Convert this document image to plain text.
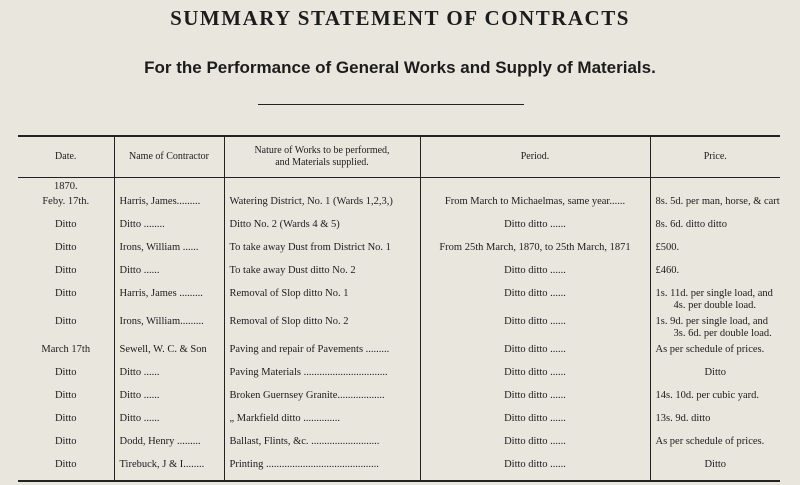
SUMMARY STATEMENT OF CONTRACTS
For the Performance of General Works and Supply of Materials.
Date.	Name of Contractor	Nature of Works to be performed,
and Materials supplied.	Period.	Price.
1870.				
Feby. 17th.	Harris, James.........	Watering District, No. 1 (Wards 1,2,3,)	From March to Michaelmas, same year......	8s. 5d. per man, horse, & cart

Ditto	Ditto ........	Ditto No. 2 (Wards 4 & 5)	Ditto ditto ......	8s. 6d. ditto ditto

Ditto	Irons, William ......	To take away Dust from District No. 1	From 25th March, 1870, to 25th March, 1871	£500.

Ditto	Ditto ......	To take away Dust ditto No. 2	Ditto ditto ......	£460.

Ditto	Harris, James .........	Removal of Slop ditto No. 1	Ditto ditto ......	1s. 11d. per single load, and
4s. per double load.

Ditto	Irons, William.........	Removal of Slop ditto No. 2	Ditto ditto ......	1s. 9d. per single load, and
3s. 6d. per double load.

March 17th	Sewell, W. C. & Son	Paving and repair of Pavements .........	Ditto ditto ......	As per schedule of prices.

Ditto	Ditto ......	Paving Materials ................................	Ditto ditto ......	Ditto

Ditto	Ditto ......	Broken Guernsey Granite..................	Ditto ditto ......	14s. 10d. per cubic yard.

Ditto	Ditto ......	„ Markfield ditto ..............	Ditto ditto ......	13s. 9d. ditto

Ditto	Dodd, Henry .........	Ballast, Flints, &c. ..........................	Ditto ditto ......	As per schedule of prices.

Ditto	Tirebuck, J & I........	Printing ...........................................	Ditto ditto ......	Ditto
